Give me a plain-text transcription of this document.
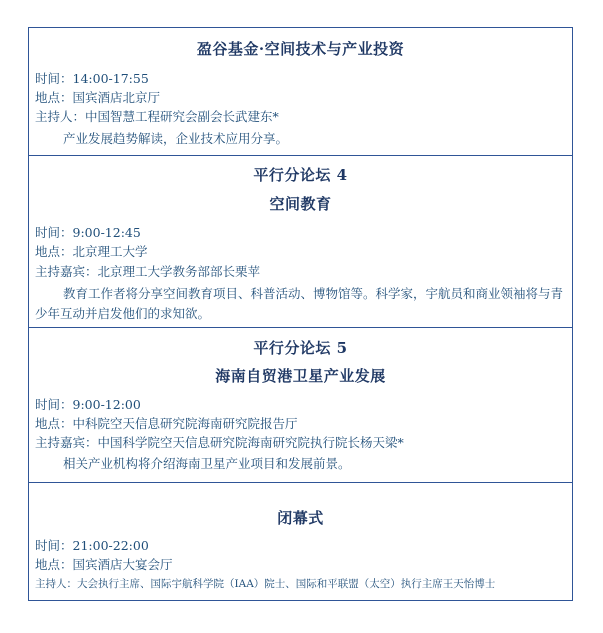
盈谷基金·空间技术与产业投资
时间：14:00-17:55
地点：国宾酒店北京厅
主持人：中国智慧工程研究会副会长武建东*
产业发展趋势解读，企业技术应用分享。
平行分论坛 4
空间教育
时间：9:00-12:45
地点：北京理工大学
主持嘉宾：北京理工大学教务部部长栗苹
教育工作者将分享空间教育项目、科普活动、博物馆等。科学家，宇航员和商业领袖将与青少年互动并启发他们的求知欲。
平行分论坛 5
海南自贸港卫星产业发展
时间：9:00-12:00
地点：中科院空天信息研究院海南研究院报告厅
主持嘉宾：中国科学院空天信息研究院海南研究院执行院长杨天梁*
相关产业机构将介绍海南卫星产业项目和发展前景。
闭幕式
时间：21:00-22:00
地点：国宾酒店大宴会厅
主持人：大会执行主席、国际宇航科学院（IAA）院士、国际和平联盟（太空）执行主席王天怡博士
